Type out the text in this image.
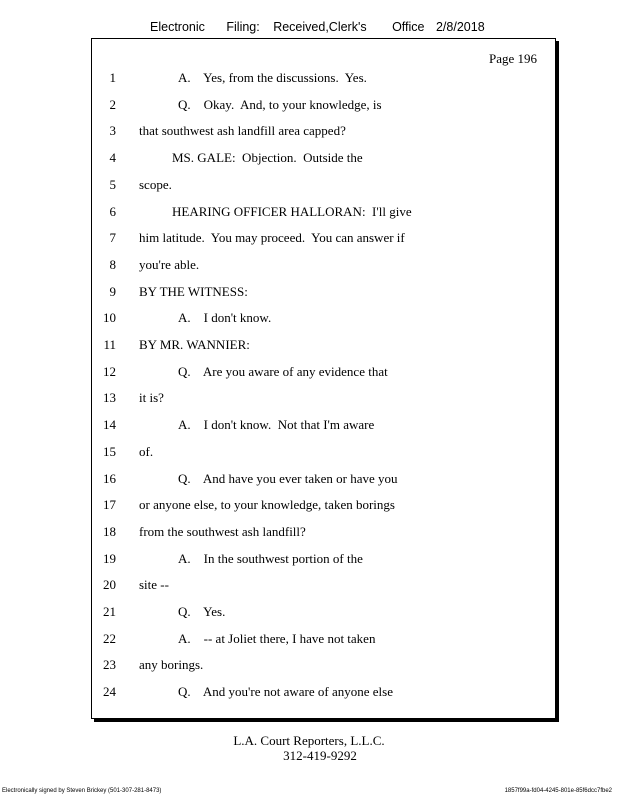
Electronic Filing: Received,Clerk's Office 2/8/2018
Page 196
1	A.    Yes, from the discussions.  Yes.
2	Q.    Okay.  And, to your knowledge, is
3 that southwest ash landfill area capped?
4	MS. GALE:  Objection.  Outside the
5 scope.
6	HEARING OFFICER HALLORAN:  I'll give
7 him latitude.  You may proceed.  You can answer if
8 you're able.
9 BY THE WITNESS:
10	A.    I don't know.
11 BY MR. WANNIER:
12	Q.    Are you aware of any evidence that
13 it is?
14	A.    I don't know.  Not that I'm aware
15 of.
16	Q.    And have you ever taken or have you
17 or anyone else, to your knowledge, taken borings
18 from the southwest ash landfill?
19	A.    In the southwest portion of the
20 site --
21	Q.    Yes.
22	A.    -- at Joliet there, I have not taken
23 any borings.
24	Q.    And you're not aware of anyone else
L.A. Court Reporters, L.L.C.
312-419-9292
Electronically signed by Steven Brickey (501-307-281-8473)	1857f99a-fd04-4245-801e-85f6dcc7fbe2
